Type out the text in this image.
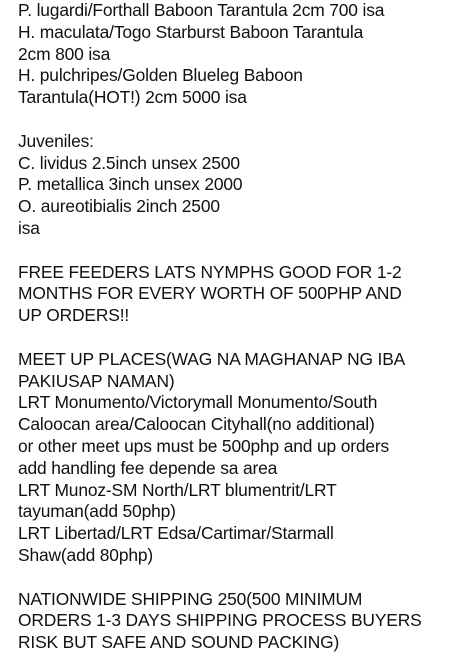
P. lugardi/Forthall Baboon Tarantula 2cm 700 isa
H. maculata/Togo Starburst Baboon Tarantula
2cm 800 isa
H. pulchripes/Golden Blueleg Baboon
Tarantula(HOT!) 2cm 5000 isa
Juveniles:
C. lividus 2.5inch unsex 2500
P. metallica 3inch unsex 2000
O. aureotibialis 2inch 2500
isa
FREE FEEDERS LATS NYMPHS GOOD FOR 1-2
MONTHS FOR EVERY WORTH OF 500PHP AND
UP ORDERS!!
MEET UP PLACES(WAG NA MAGHANAP NG IBA
PAKIUSAP NAMAN)
LRT Monumento/Victorymall Monumento/South
Caloocan area/Caloocan Cityhall(no additional)
or other meet ups must be 500php and up orders
add handling fee depende sa area
LRT Munoz-SM North/LRT blumentrit/LRT
tayuman(add 50php)
LRT Libertad/LRT Edsa/Cartimar/Starmall
Shaw(add 80php)
NATIONWIDE SHIPPING 250(500 MINIMUM
ORDERS 1-3 DAYS SHIPPING PROCESS BUYERS
RISK BUT SAFE AND SOUND PACKING)
